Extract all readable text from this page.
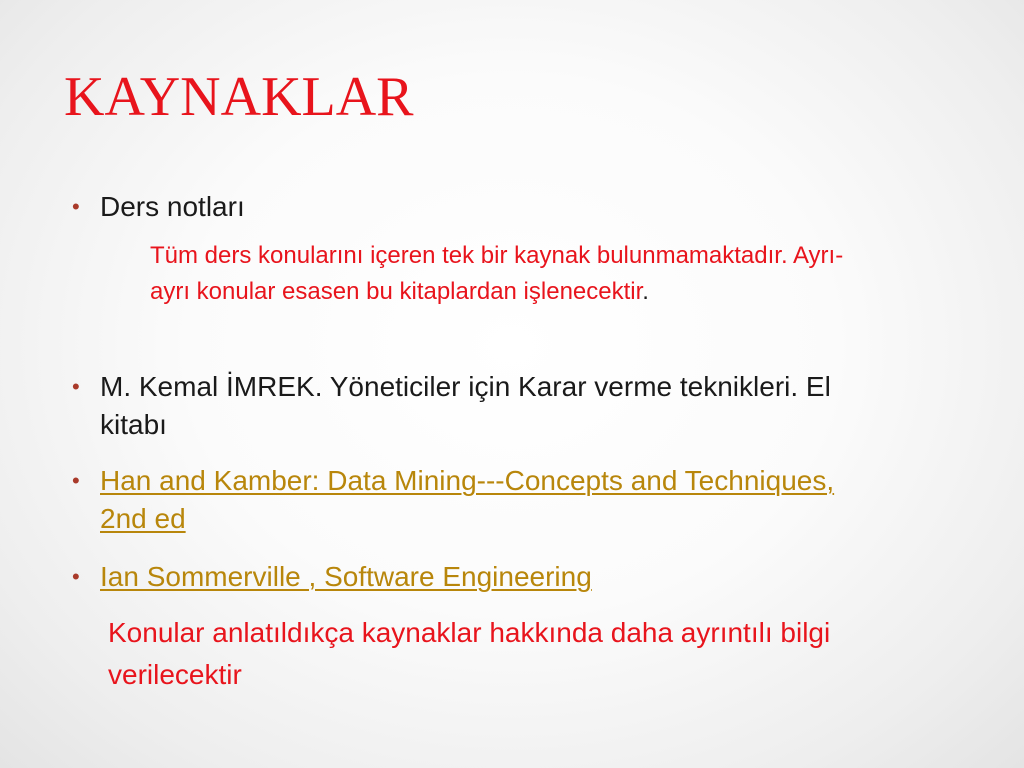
KAYNAKLAR
• Ders notları
Tüm ders konularını içeren tek bir kaynak bulunmamaktadır. Ayrı-ayrı konular esasen bu kitaplardan işlenecektir.
• M. Kemal İMREK. Yöneticiler için Karar verme teknikleri. El kitabı
• Han and Kamber: Data Mining---Concepts and Techniques, 2nd ed
• Ian Sommerville , Software Engineering
Konular anlatıldıkça kaynaklar hakkında daha ayrıntılı bilgi verilecektir
